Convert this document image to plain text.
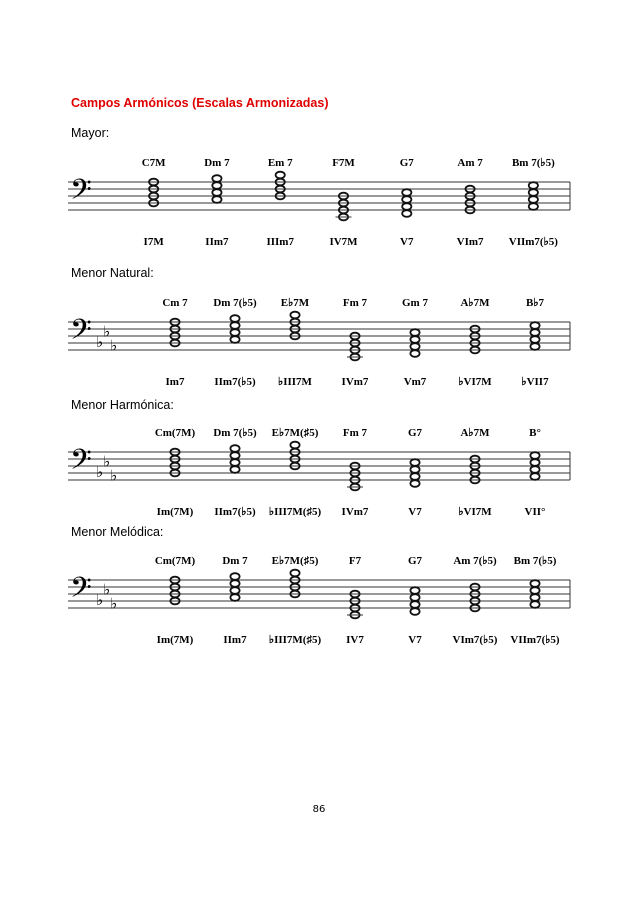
Campos Armónicos (Escalas Armonizadas)

Mayor:

𝄢
C7M
I7M
Dm 7
IIm7
Em 7
IIIm7
F7M
IV7M
G7
V7
Am 7
VIm7
Bm 7(♭5)
VIIm7(♭5)

Menor Natural:

𝄢 ♭
♭
♭
Cm 7
Im7
Dm 7(♭5)
IIm7(♭5)
E♭7M
♭III7M
Fm 7
IVm7
Gm 7
Vm7
A♭7M
♭VI7M
B♭7
♭VII7

Menor Harmónica:

𝄢 ♭
♭
♭
Cm(7M)
Im(7M)
Dm 7(♭5)
IIm7(♭5)
E♭7M(♯5)
♭III7M(♯5)
Fm 7
IVm7
G7
V7
A♭7M
♭VI7M
B°
VII°

Menor Melódica:

𝄢 ♭
♭
♭
Cm(7M)
Im(7M)
Dm 7
IIm7
E♭7M(♯5)
♭III7M(♯5)
F7
IV7
G7
V7
Am 7(♭5)
VIm7(♭5)
Bm 7(♭5)
VIIm7(♭5)
86
